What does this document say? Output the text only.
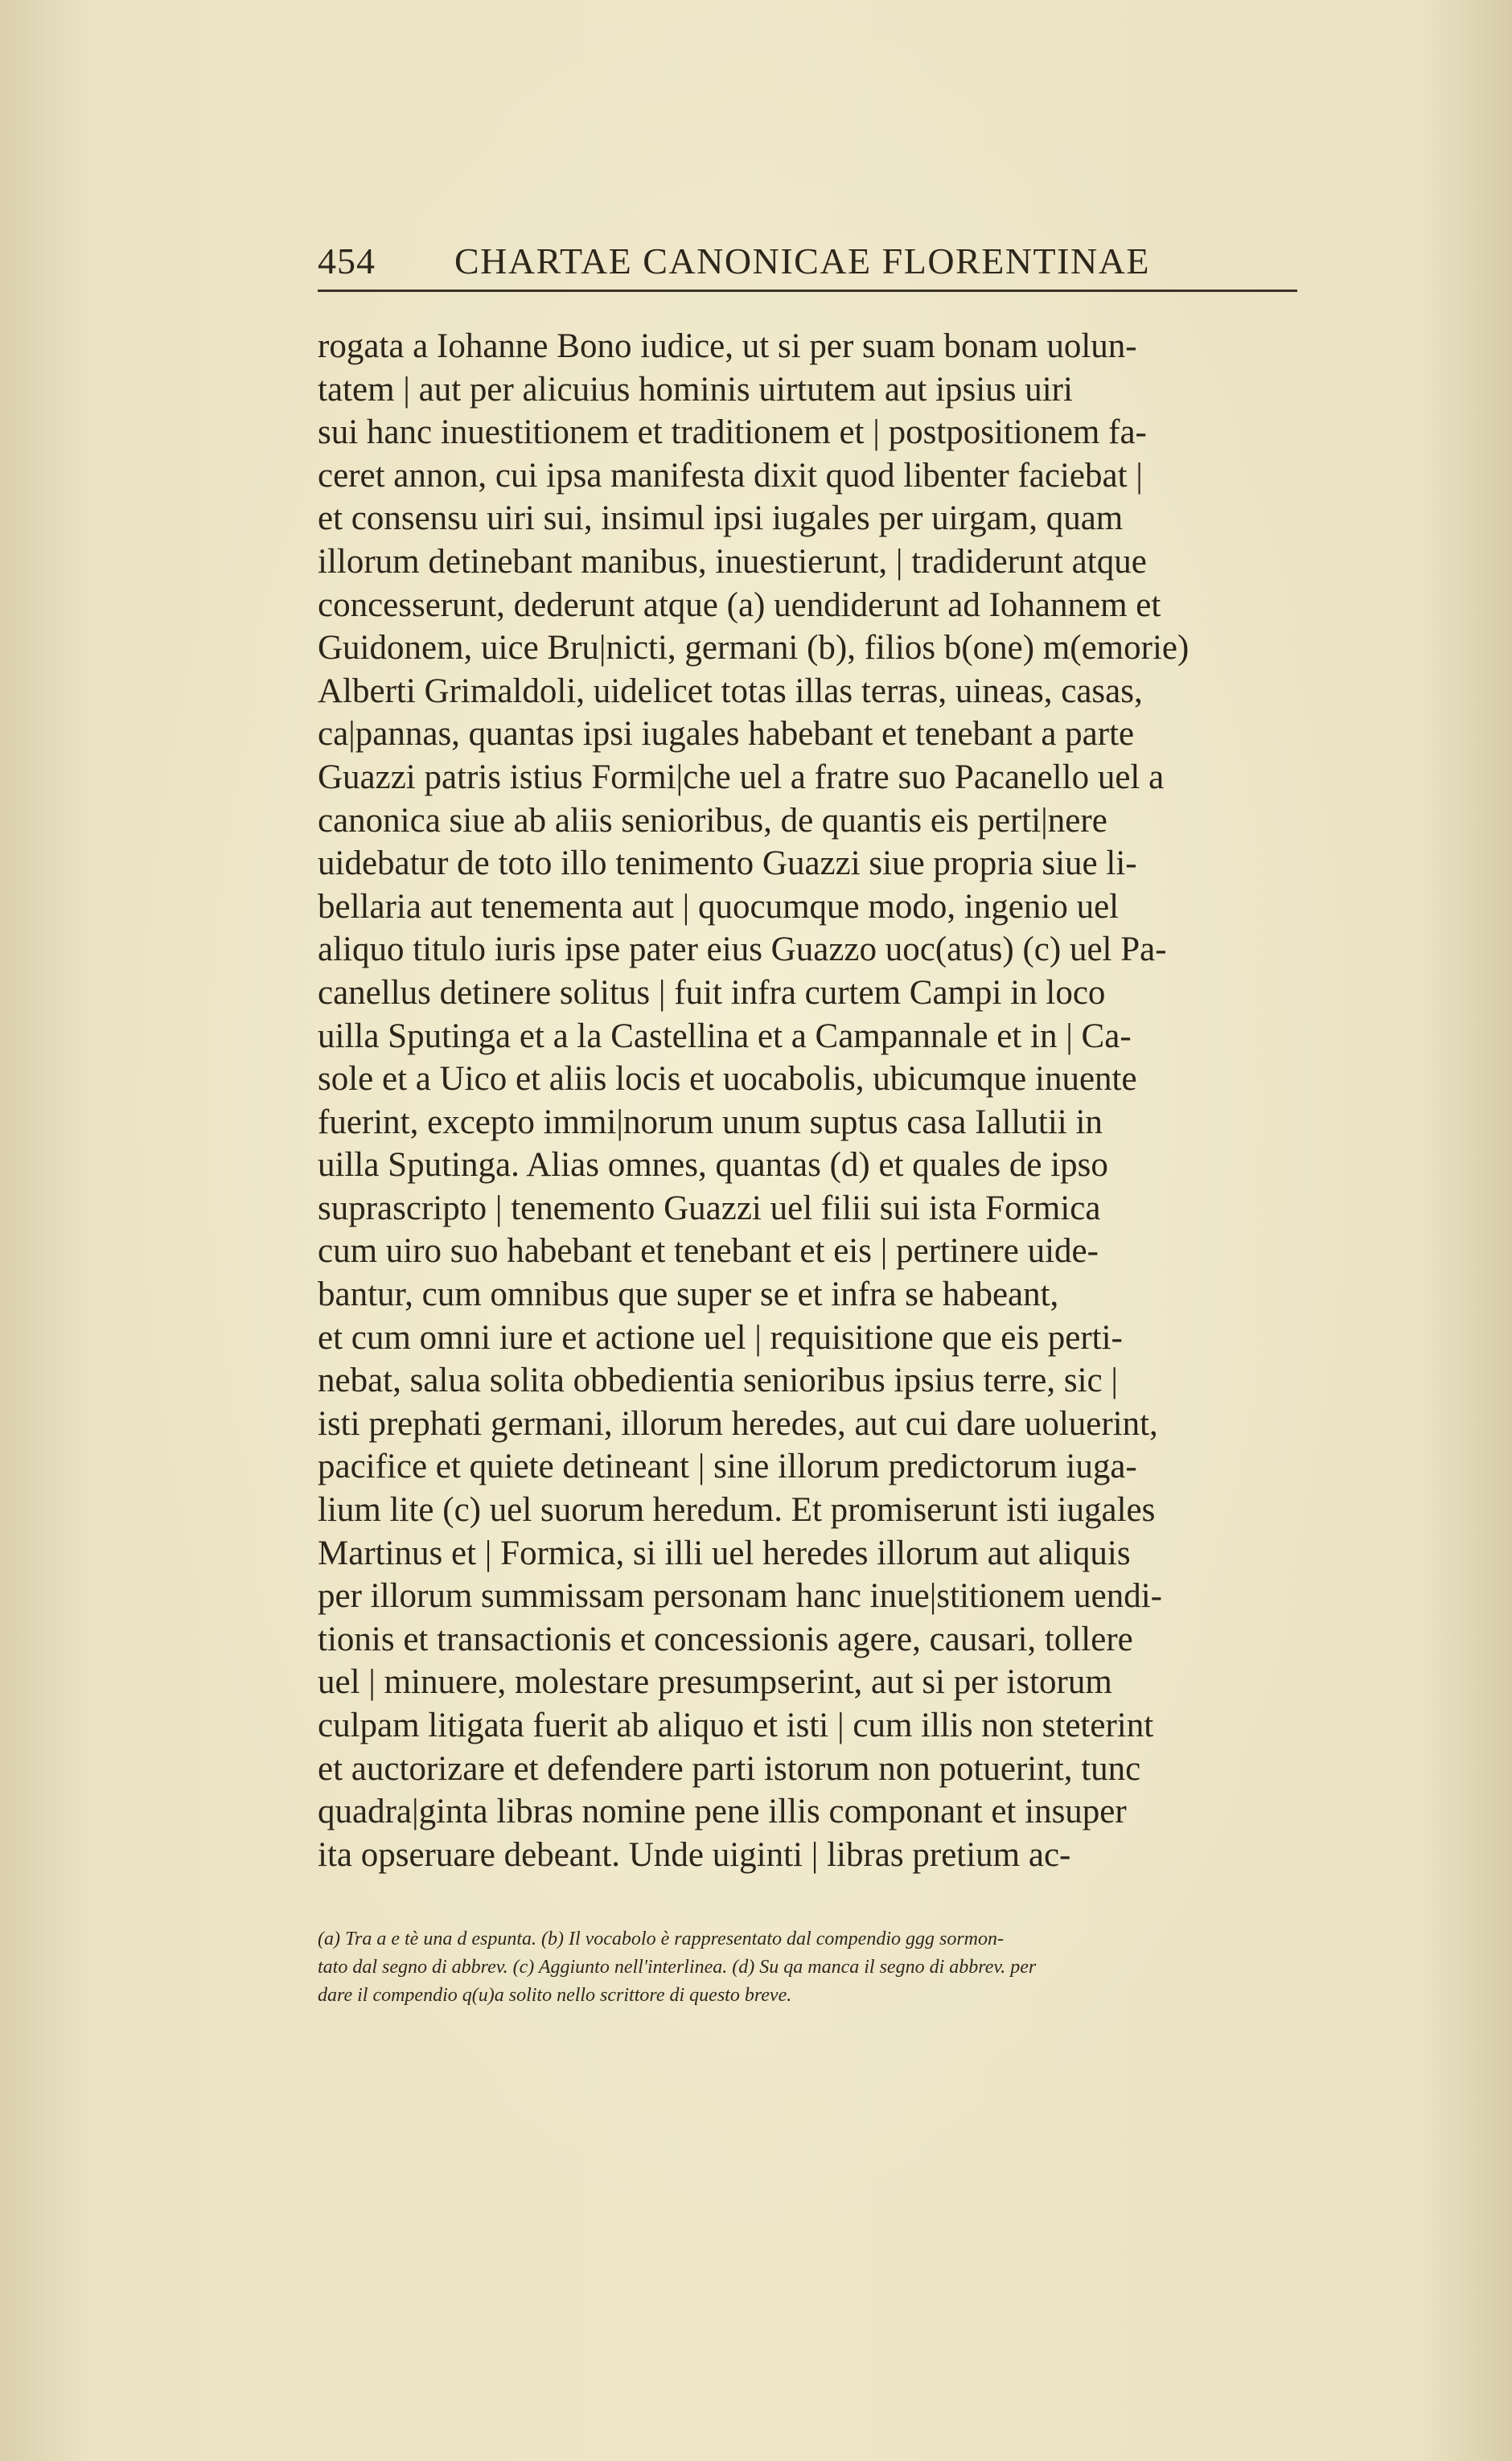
454 CHARTAE CANONICAE FLORENTINAE
rogata a Iohanne Bono iudice, ut si per suam bonam uolun-
tatem | aut per alicuius hominis uirtutem aut ipsius uiri
sui hanc inuestitionem et traditionem et | postpositionem fa-
ceret annon, cui ipsa manifesta dixit quod libenter faciebat |
et consensu uiri sui, insimul ipsi iugales per uirgam, quam
illorum detinebant manibus, inuestierunt, | tradiderunt atque
concesserunt, dederunt atque (a) uendiderunt ad Iohannem et
Guidonem, uice Bru|nicti, germani (b), filios b(one) m(emorie)
Alberti Grimaldoli, uidelicet totas illas terras, uineas, casas,
ca|pannas, quantas ipsi iugales habebant et tenebant a parte
Guazzi patris istius Formi|che uel a fratre suo Pacanello uel a
canonica siue ab aliis senioribus, de quantis eis perti|nere
uidebatur de toto illo tenimento Guazzi siue propria siue li-
bellaria aut tenementa aut | quocumque modo, ingenio uel
aliquo titulo iuris ipse pater eius Guazzo uoc(atus) (c) uel Pa-
canellus detinere solitus | fuit infra curtem Campi in loco
uilla Sputinga et a la Castellina et a Campannale et in | Ca-
sole et a Uico et aliis locis et uocabolis, ubicumque inuente
fuerint, excepto immi|norum unum suptus casa Iallutii in
uilla Sputinga. Alias omnes, quantas (d) et quales de ipso
suprascripto | tenemento Guazzi uel filii sui ista Formica
cum uiro suo habebant et tenebant et eis | pertinere uide-
bantur, cum omnibus que super se et infra se habeant,
et cum omni iure et actione uel | requisitione que eis perti-
nebat, salua solita obbedientia senioribus ipsius terre, sic |
isti prephati germani, illorum heredes, aut cui dare uoluerint,
pacifice et quiete detineant | sine illorum predictorum iuga-
lium lite (c) uel suorum heredum. Et promiserunt isti iugales
Martinus et | Formica, si illi uel heredes illorum aut aliquis
per illorum summissam personam hanc inue|stitionem uendi-
tionis et transactionis et concessionis agere, causari, tollere
uel | minuere, molestare presumpserint, aut si per istorum
culpam litigata fuerit ab aliquo et isti | cum illis non steterint
et auctorizare et defendere parti istorum non potuerint, tunc
quadra|ginta libras nomine pene illis componant et insuper
ita opseruare debeant. Unde uiginti | libras pretium ac-
(a) Tra a e tè una d espunta. (b) Il vocabolo è rappresentato dal compendio ggg sormon-
tato dal segno di abbrev. (c) Aggiunto nell'interlinea. (d) Su qa manca il segno di abbrev. per
dare il compendio q(u)a solito nello scrittore di questo breve.
